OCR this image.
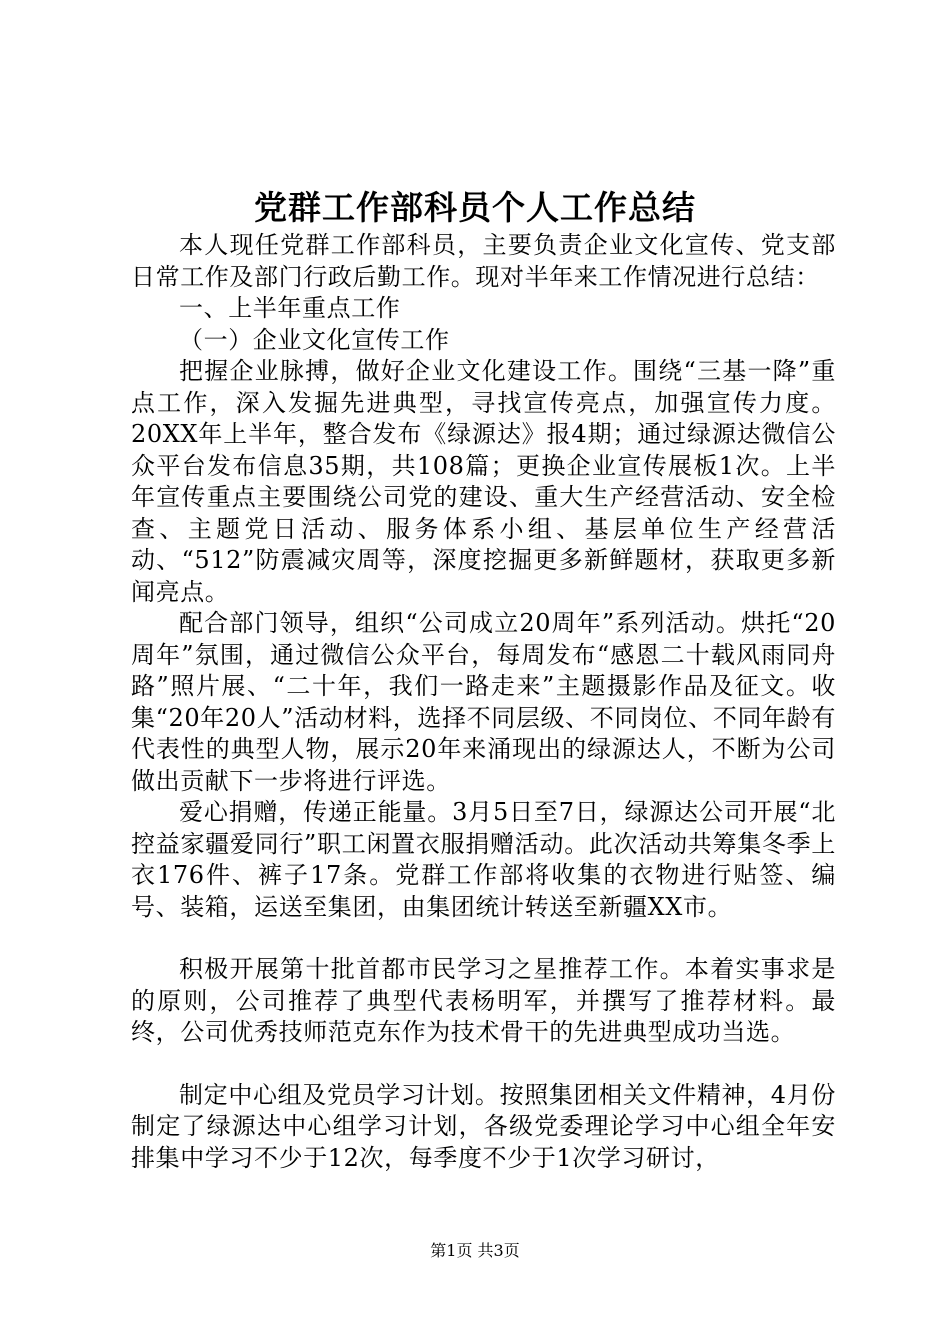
党群工作部科员个人工作总结

本人现任党群工作部科员，主要负责企业文化宣传、党支部日常工作及部门行政后勤工作。现对半年来工作情况进行总结：

一、上半年重点工作

（一）企业文化宣传工作

把握企业脉搏，做好企业文化建设工作。围绕“三基一降”重点工作，深入发掘先进典型，寻找宣传亮点，加强宣传力度。20XX年上半年，整合发布《绿源达》报4期；通过绿源达微信公众平台发布信息35期，共108篇；更换企业宣传展板1次。上半年宣传重点主要围绕公司党的建设、重大生产经营活动、安全检查、主题党日活动、服务体系小组、基层单位生产经营活动、“512”防震减灾周等，深度挖掘更多新鲜题材，获取更多新闻亮点。

配合部门领导，组织“公司成立20周年”系列活动。烘托“20周年”氛围，通过微信公众平台，每周发布“感恩二十载风雨同舟路”照片展、“二十年，我们一路走来”主题摄影作品及征文。收集“20年20人”活动材料，选择不同层级、不同岗位、不同年龄有代表性的典型人物，展示20年来涌现出的绿源达人，不断为公司做出贡献下一步将进行评选。

爱心捐赠，传递正能量。3月5日至7日，绿源达公司开展“北控益家疆爱同行”职工闲置衣服捐赠活动。此次活动共筹集冬季上衣176件、裤子17条。党群工作部将收集的衣物进行贴签、编号、装箱，运送至集团，由集团统计转送至新疆XX市。

积极开展第十批首都市民学习之星推荐工作。本着实事求是的原则，公司推荐了典型代表杨明军，并撰写了推荐材料。最终，公司优秀技师范克东作为技术骨干的先进典型成功当选。

制定中心组及党员学习计划。按照集团相关文件精神，4月份制定了绿源达中心组学习计划，各级党委理论学习中心组全年安排集中学习不少于12次，每季度不少于1次学习研讨，

第1页 共3页
